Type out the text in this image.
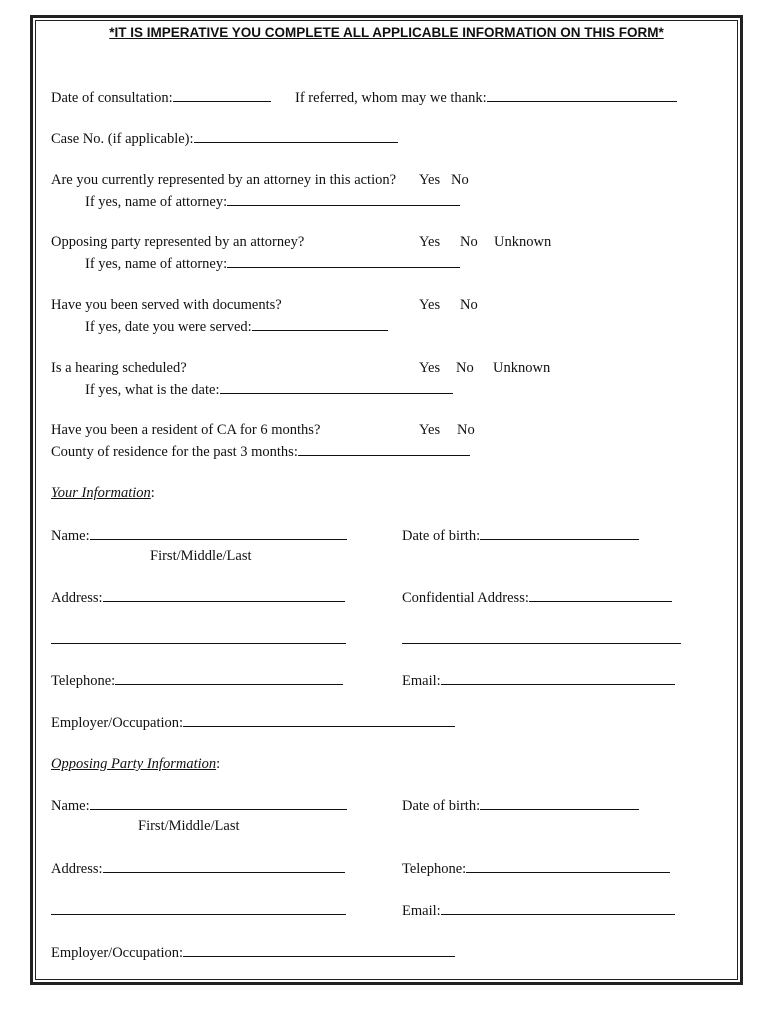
*IT IS IMPERATIVE YOU COMPLETE ALL APPLICABLE INFORMATION ON THIS FORM*
Date of consultation:	If referred, whom may we thank:
Case No. (if applicable):
Are you currently represented by an attorney in this action? Yes No
If yes, name of attorney:
Opposing party represented by an attorney?	Yes No Unknown
If yes, name of attorney:
Have you been served with documents?	Yes No
If yes, date you were served:
Is a hearing scheduled?	Yes No Unknown
If yes, what is the date:
Have you been a resident of CA for 6 months?	Yes No
County of residence for the past 3 months:
Your Information:
Name:
First/Middle/Last
Date of birth:
Address:	Confidential Address:
Telephone:	Email:
Employer/Occupation:
Opposing Party Information:
Name:
First/Middle/Last
Date of birth:
Address:	Telephone:
Email:
Employer/Occupation:
